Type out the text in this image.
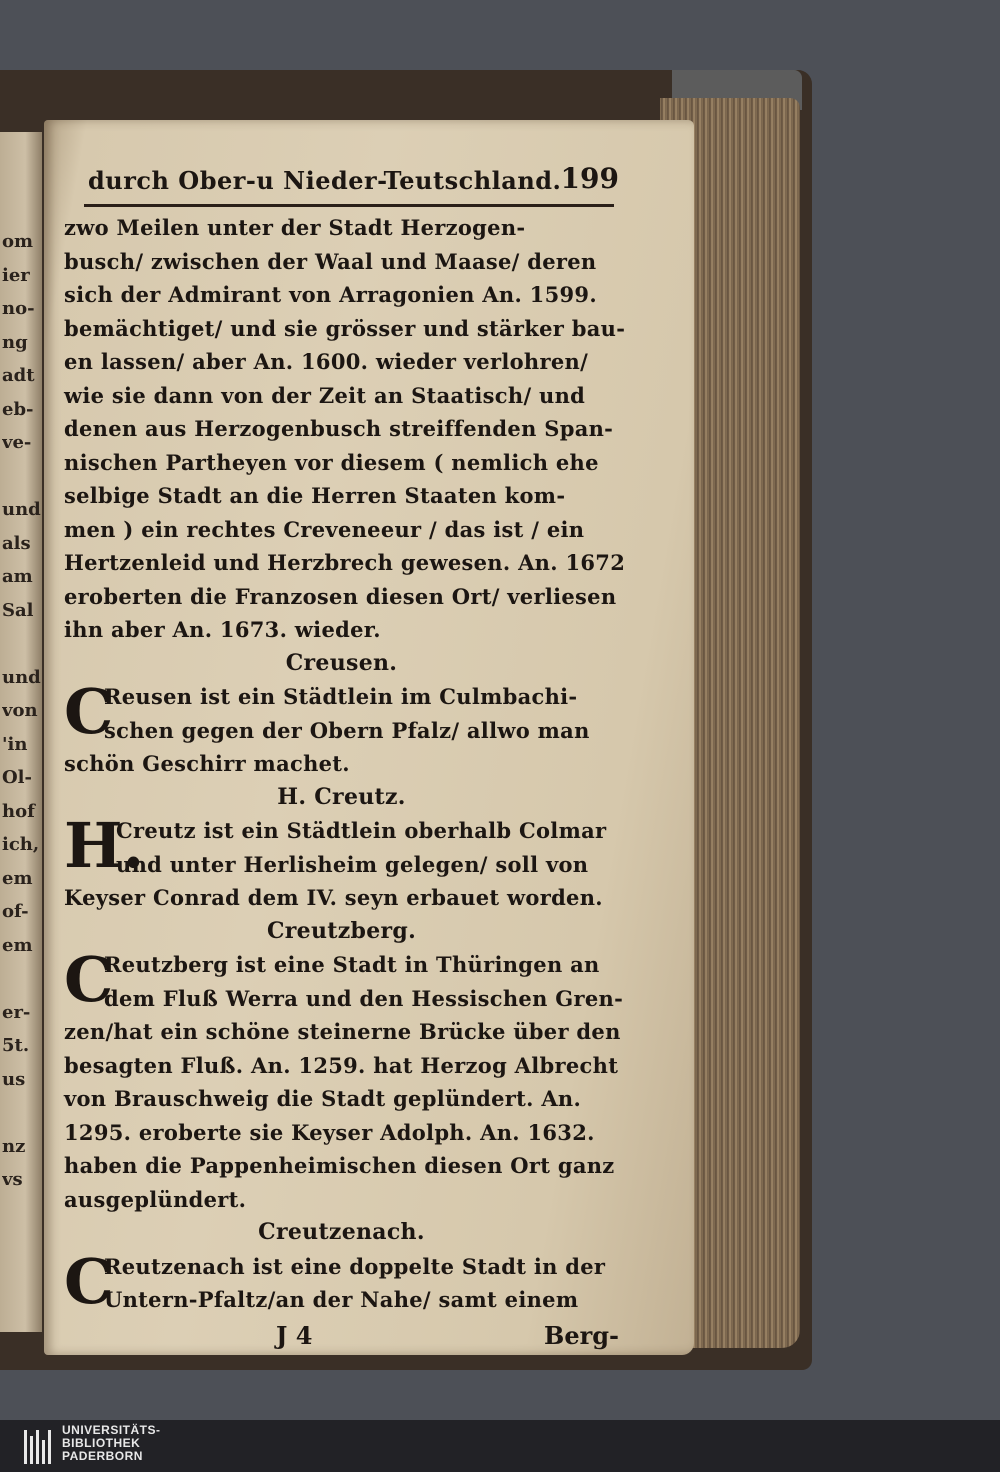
om
ier
no-
ng
adt
eb-
ve-
und
als
am
Sal
und
von
'in
Ol-
hof
ich,
em
of-
em
er-
5t.
us
nz
vs
durch Ober-u Nieder-Teutschland. 199
zwo Meilen unter der Stadt Herzogen-
busch/ zwischen der Waal und Maase/ deren
sich der Admirant von Arragonien An. 1599.
bemächtiget/ und sie grösser und stärker bau-
en lassen/ aber An. 1600. wieder verlohren/
wie sie dann von der Zeit an Staatisch/ und
denen aus Herzogenbusch streiffenden Span-
nischen Partheyen vor diesem ( nemlich ehe
selbige Stadt an die Herren Staaten kom-
men ) ein rechtes Creveneeur / das ist / ein
Hertzenleid und Herzbrech gewesen. An. 1672
eroberten die Franzosen diesen Ort/ verliesen
ihn aber An. 1673. wieder.
Creusen.
C
Reusen ist ein Städtlein im Culmbachi-
schen gegen der Obern Pfalz/ allwo man
schön Geschirr machet.
H. Creutz.
H.
Creutz ist ein Städtlein oberhalb Colmar
und unter Herlisheim gelegen/ soll von
Keyser Conrad dem IV. seyn erbauet worden.
Creutzberg.
C
Reutzberg ist eine Stadt in Thüringen an
dem Fluß Werra und den Hessischen Gren-
zen/hat ein schöne steinerne Brücke über den
besagten Fluß. An. 1259. hat Herzog Albrecht
von Brauschweig die Stadt geplündert. An.
1295. eroberte sie Keyser Adolph. An. 1632.
haben die Pappenheimischen diesen Ort ganz
ausgeplündert.
Creutzenach.
C
Reutzenach ist eine doppelte Stadt in der
Untern-Pfaltz/an der Nahe/ samt einem
J 4	Berg-
UNIVERSITÄTS-
BIBLIOTHEK
PADERBORN
